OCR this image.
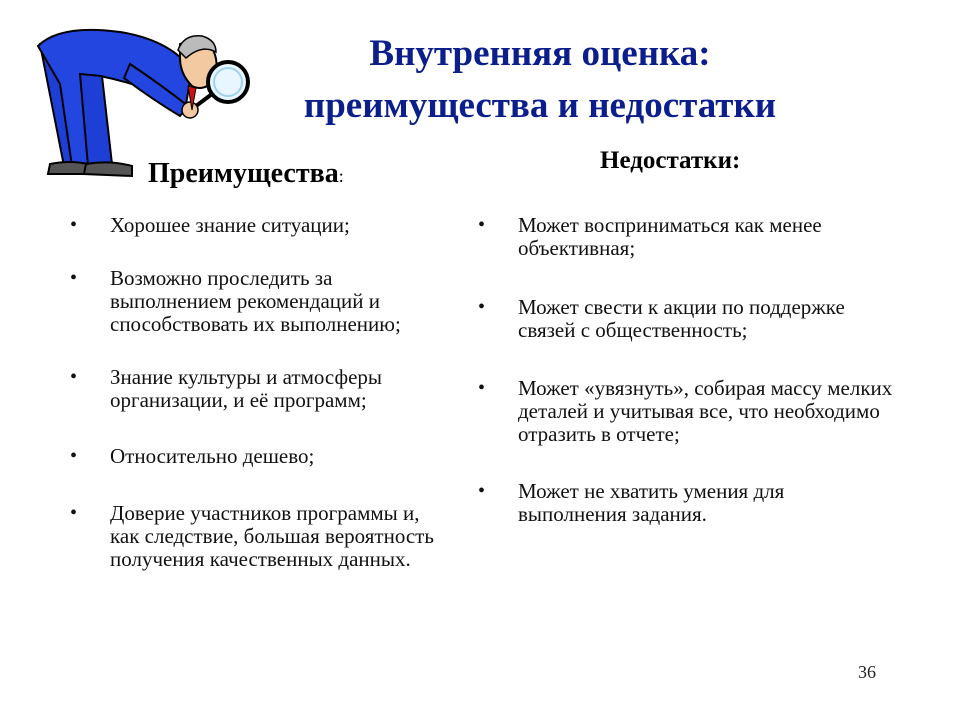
Внутренняя оценка:
преимущества и недостатки
Преимущества:
Недостатки:
• Хорошее знание ситуации;
• Возможно проследить за выполнением рекомендаций и способствовать их выполнению;
• Знание культуры и атмосферы организации, и её программ;
• Относительно дешево;
• Доверие участников программы и, как следствие, большая вероятность получения качественных данных.
• Может восприниматься как менее объективная;
• Может свести к акции по поддержке связей с общественность;
• Может «увязнуть», собирая массу мелких деталей и учитывая все, что необходимо отразить в отчете;
• Может не хватить умения для выполнения задания.
36
